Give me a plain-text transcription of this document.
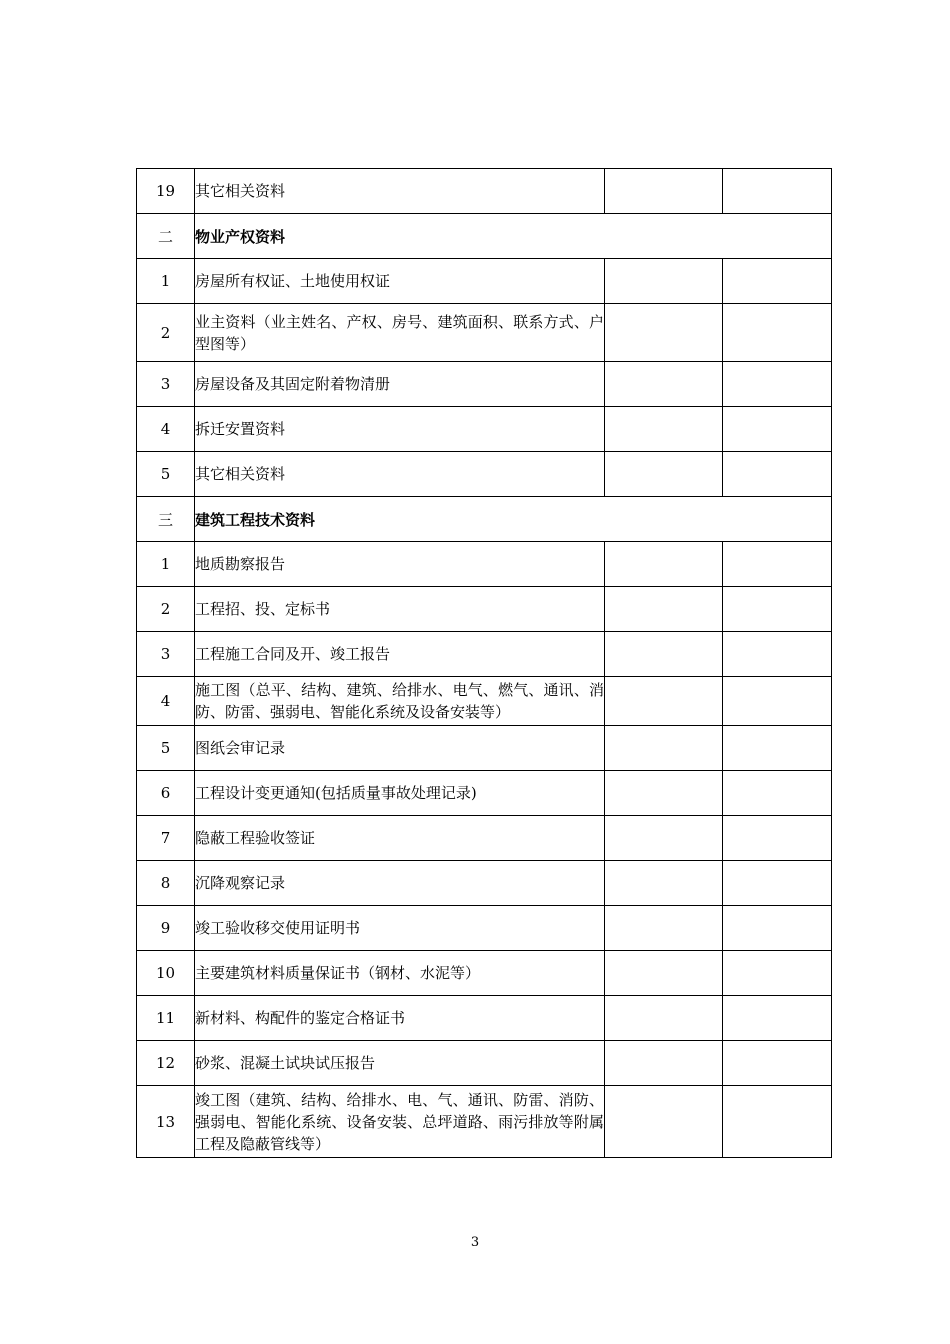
19	其它相关资料		
二	物业产权资料		
1	房屋所有权证、土地使用权证		
2	业主资料（业主姓名、产权、房号、建筑面积、联系方式、户型图等）		
3	房屋设备及其固定附着物清册		
4	拆迁安置资料		
5	其它相关资料		
三	建筑工程技术资料		
1	地质勘察报告		
2	工程招、投、定标书		
3	工程施工合同及开、竣工报告		
4	施工图（总平、结构、建筑、给排水、电气、燃气、通讯、消防、防雷、强弱电、智能化系统及设备安装等）		
5	图纸会审记录		
6	工程设计变更通知(包括质量事故处理记录)		
7	隐蔽工程验收签证		
8	沉降观察记录		
9	竣工验收移交使用证明书		
10	主要建筑材料质量保证书（钢材、水泥等）		
11	新材料、构配件的鉴定合格证书		
12	砂浆、混凝土试块试压报告		
13	竣工图（建筑、结构、给排水、电、气、通讯、防雷、消防、强弱电、智能化系统、设备安装、总坪道路、雨污排放等附属工程及隐蔽管线等）		
3
